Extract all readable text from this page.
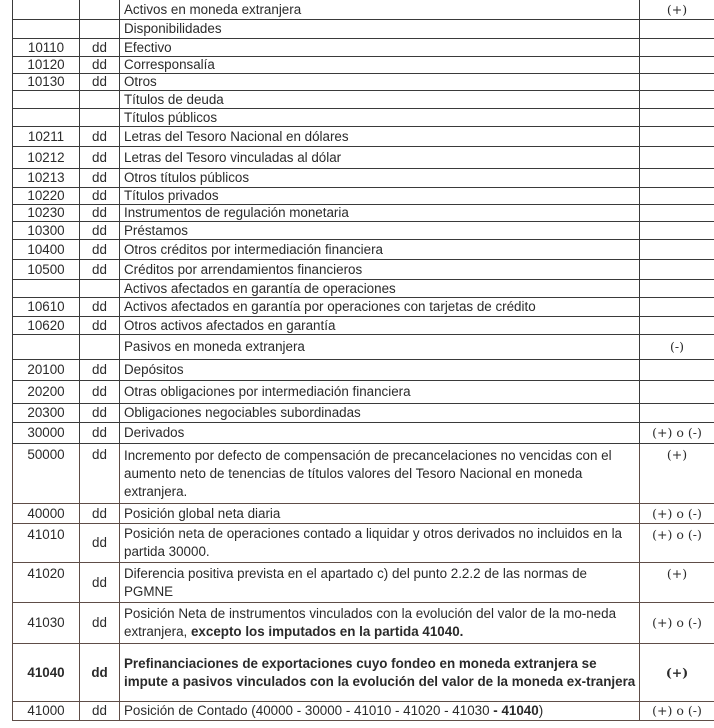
		Activos en moneda extranjera	(+)
		Disponibilidades	
10110	dd	Efectivo	
10120	dd	Corresponsalía	
10130	dd	Otros	
		Títulos de deuda	
		Títulos públicos	
10211	dd	Letras del Tesoro Nacional en dólares	
10212	dd	Letras del Tesoro vinculadas al dólar	
10213	dd	Otros títulos públicos	
10220	dd	Títulos privados	
10230	dd	Instrumentos de regulación monetaria	
10300	dd	Préstamos	
10400	dd	Otros créditos por intermediación financiera	
10500	dd	Créditos por arrendamientos financieros	
		Activos afectados en garantía de operaciones	
10610	dd	Activos afectados en garantía por operaciones con tarjetas de crédito	
10620	dd	Otros activos afectados en garantía	
		Pasivos en moneda extranjera	(-)
20100	dd	Depósitos	
20200	dd	Otras obligaciones por intermediación financiera	
20300	dd	Obligaciones negociables subordinadas	
30000	dd	Derivados	(+) o (-)
50000	dd	Incremento por defecto de compensación de precancelaciones no vencidas con el aumento neto de tenencias de títulos valores del Tesoro Nacional en moneda extranjera.	(+)
40000	dd	Posición global neta diaria	(+) o (-)
41010	dd	Posición neta de operaciones contado a liquidar y otros derivados no incluidos en la partida 30000.	(+) o (-)
41020	dd	Diferencia positiva prevista en el apartado c) del punto 2.2.2 de las normas de PGMNE	(+)
41030	dd	Posición Neta de instrumentos vinculados con la evolución del valor de la mo-neda extranjera, excepto los imputados en la partida 41040.	(+) o (-)
41040	dd	Prefinanciaciones de exportaciones cuyo fondeo en moneda extranjera se impute a pasivos vinculados con la evolución del valor de la moneda ex-tranjera	(+)
41000	dd	Posición de Contado (40000 - 30000 - 41010 - 41020 - 41030 - 41040)	(+) o (-)
